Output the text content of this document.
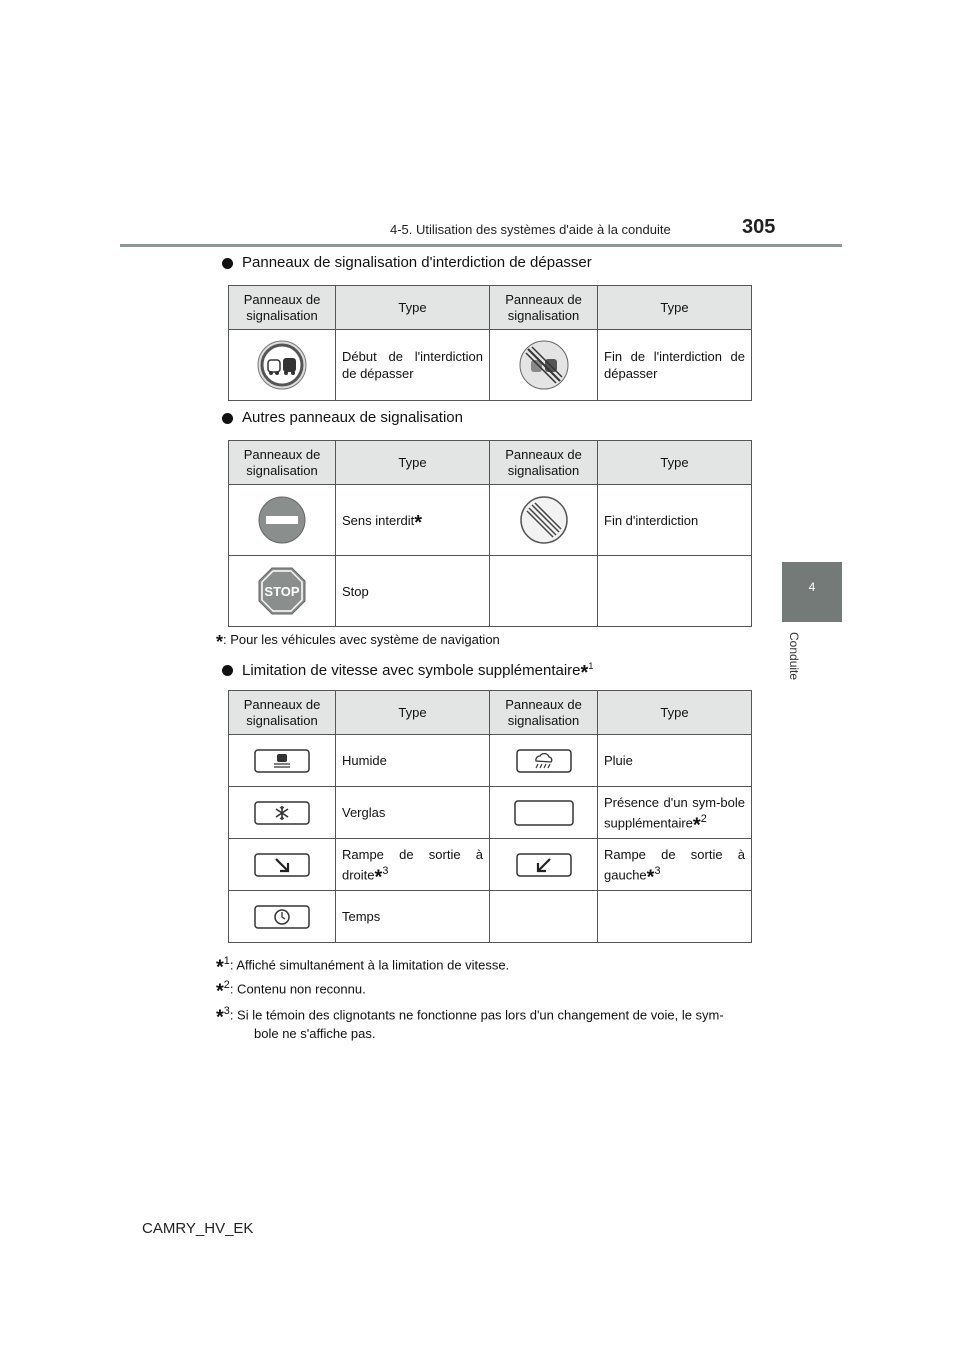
4-5. Utilisation des systèmes d'aide à la conduite	305
4
Conduite
Panneaux de signalisation d'interdiction de dépasser
Panneaux de signalisation	Type	Panneaux de signalisation	Type

	Début de l'interdiction de dépasser		Fin de l'interdiction de dépasser
Autres panneaux de signalisation
Panneaux de signalisation	Type	Panneaux de signalisation	Type

	Sens interdit*		Fin d'interdiction

STOP	Stop		
*: Pour les véhicules avec système de navigation
Limitation de vitesse avec symbole supplémentaire*$^1$
Panneaux de signalisation	Type	Panneaux de signalisation	Type

	Humide		Pluie

	Verglas		Présence d'un sym-bole supplémentaire*$^2$

	Rampe de sortie à droite*$^3$		Rampe de sortie à gauche*$^3$

	Temps		
*$^1$: Affiché simultanément à la limitation de vitesse.
*$^2$: Contenu non reconnu.
*$^3$: Si le témoin des clignotants ne fonctionne pas lors d'un changement de voie, le sym-
bole ne s'affiche pas.
CAMRY_HV_EK
